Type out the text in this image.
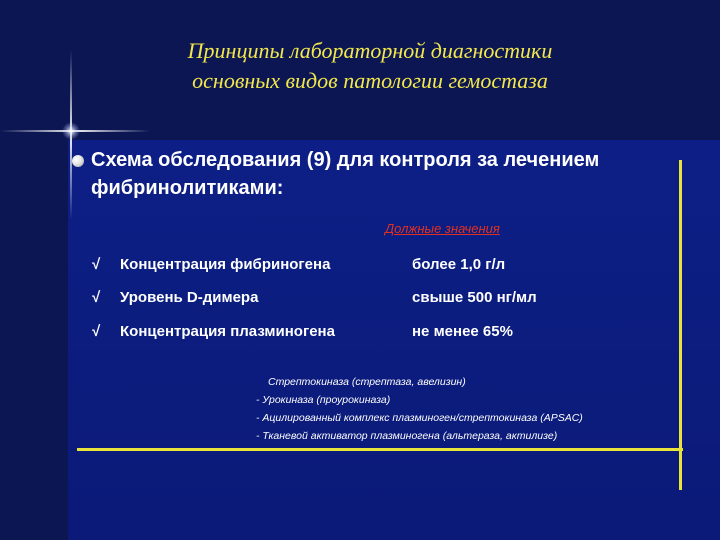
Принципы лабораторной диагностики
основных видов патологии гемостаза
Схема обследования (9) для контроля за лечением фибринолитиками:
Должные значения
√ Концентрация фибриногена	более 1,0 г/л
√ Уровень D-димера	свыше 500 нг/мл
√ Концентрация плазминогена	не менее 65%
Стрептокиназа (стрептаза, авелизин)
- Урокиназа (проурокиназа)
- Ацилированный комплекс плазминоген/стрептокиназа (APSAC)
- Тканевой активатор плазминогена (альтераза, актилизе)
